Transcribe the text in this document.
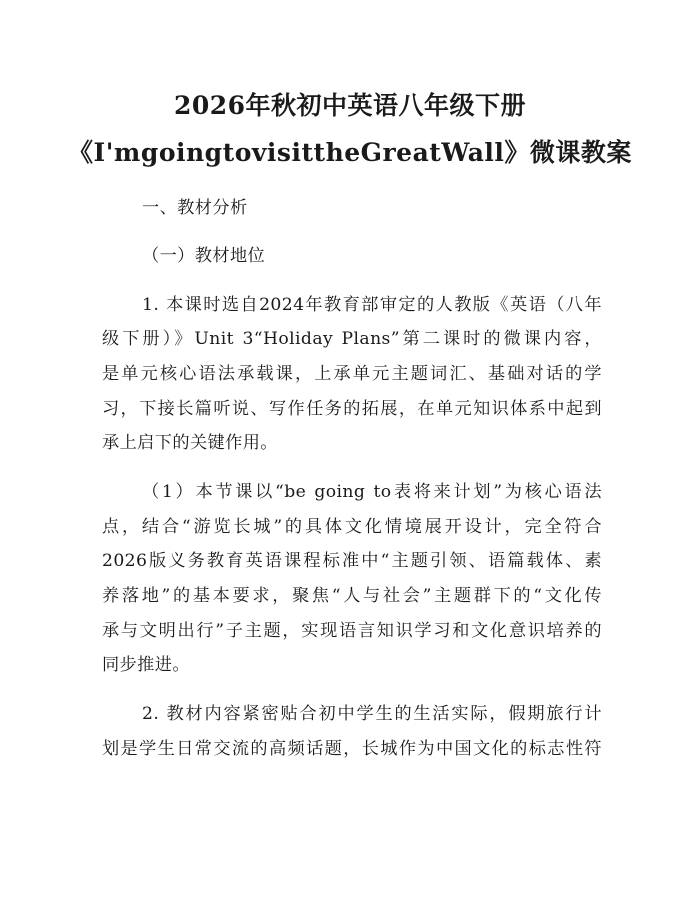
2026年秋初中英语八年级下册
《I'mgoingtovisittheGreatWall》微课教案
一、教材分析
（一）教材地位
1. 本课时选自2024年教育部审定的人教版《英语（八年
级下册）》Unit 3“Holiday Plans”第二课时的微课内容，
是单元核心语法承载课，上承单元主题词汇、基础对话的学
习，下接长篇听说、写作任务的拓展，在单元知识体系中起到
承上启下的关键作用。
（1）本节课以“be going to表将来计划”为核心语法
点，结合“游览长城”的具体文化情境展开设计，完全符合
2026版义务教育英语课程标准中“主题引领、语篇载体、素
养落地”的基本要求，聚焦“人与社会”主题群下的“文化传
承与文明出行”子主题，实现语言知识学习和文化意识培养的
同步推进。
2. 教材内容紧密贴合初中学生的生活实际，假期旅行计
划是学生日常交流的高频话题，长城作为中国文化的标志性符
